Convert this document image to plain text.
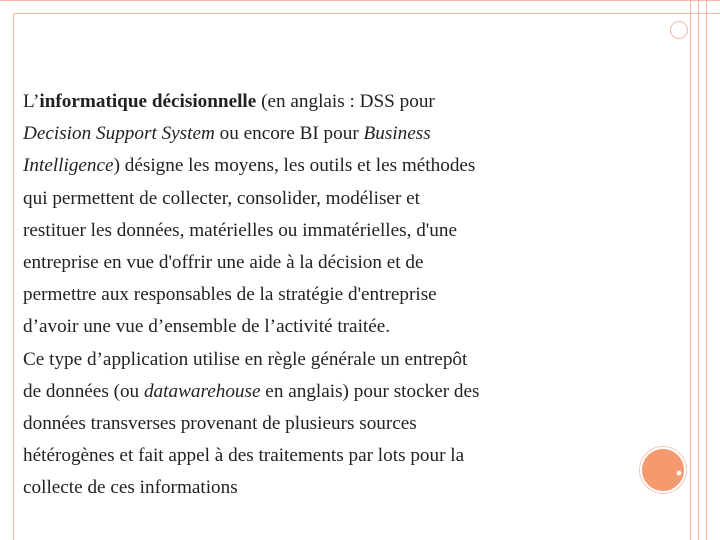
L’informatique décisionnelle (en anglais : DSS pour
Decision Support System ou encore BI pour Business
Intelligence) désigne les moyens, les outils et les méthodes
qui permettent de collecter, consolider, modéliser et
restituer les données, matérielles ou immatérielles, d'une
entreprise en vue d'offrir une aide à la décision et de
permettre aux responsables de la stratégie d'entreprise
d’avoir une vue d’ensemble de l’activité traitée.
Ce type d’application utilise en règle générale un entrepôt
de données (ou datawarehouse en anglais) pour stocker des
données transverses provenant de plusieurs sources
hétérogènes et fait appel à des traitements par lots pour la
collecte de ces informations
